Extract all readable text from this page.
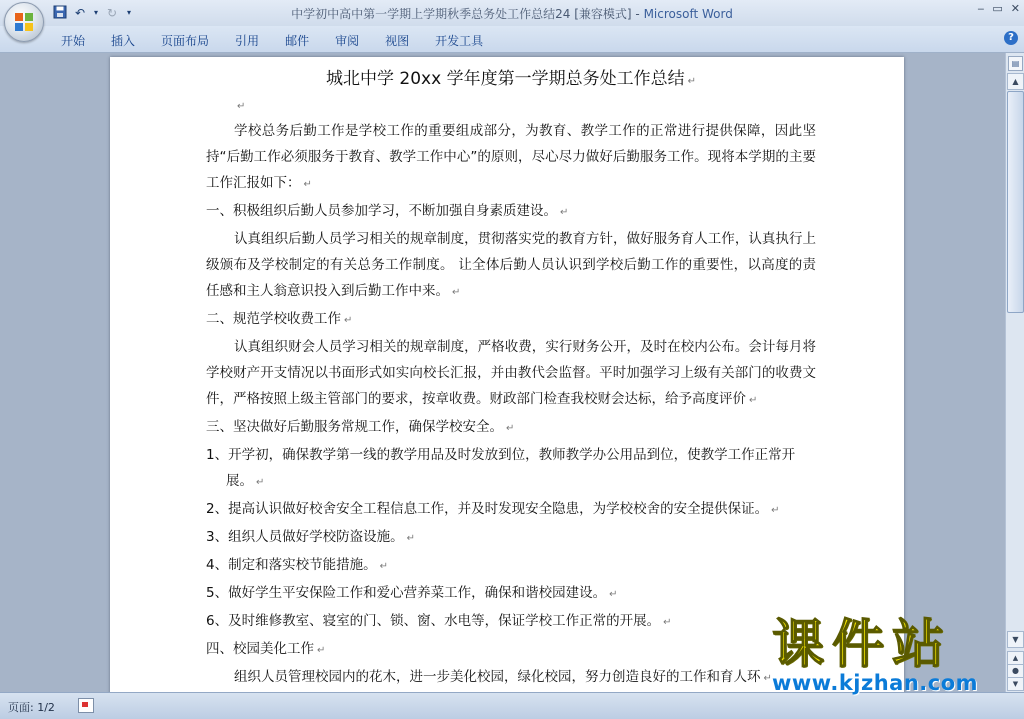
↶	▾ ↻	▾	中学初中高中第一学期上学期秋季总务处工作总结24 [兼容模式] - Microsoft Word	‒ ▭ ✕
开始	插入	页面布局	引用	邮件	审阅	视图	开发工具	?
城北中学 20xx 学年度第一学期总务处工作总结 ↵
↵
学校总务后勤工作是学校工作的重要组成部分，为教育、教学工作的正常进行提供保障，因此坚持“后勤工作必须服务于教育、教学工作中心”的原则，尽心尽力做好后勤服务工作。现将本学期的主要工作汇报如下： ↵
一、积极组织后勤人员参加学习，不断加强自身素质建设。 ↵
认真组织后勤人员学习相关的规章制度，贯彻落实党的教育方针，做好服务育人工作，认真执行上级颁布及学校制定的有关总务工作制度。 让全体后勤人员认识到学校后勤工作的重要性，以高度的责任感和主人翁意识投入到后勤工作中来。 ↵
二、规范学校收费工作 ↵
认真组织财会人员学习相关的规章制度，严格收费，实行财务公开，及时在校内公布。会计每月将学校财产开支情况以书面形式如实向校长汇报，并由教代会监督。平时加强学习上级有关部门的收费文件，严格按照上级主管部门的要求，按章收费。财政部门检查我校财会达标，给予高度评价 ↵
三、坚决做好后勤服务常规工作，确保学校安全。 ↵
1、开学初，确保教学第一线的教学用品及时发放到位，教师教学办公用品到位，使教学工作正常开展。 ↵
2、提高认识做好校舍安全工程信息工作，并及时发现安全隐患，为学校校舍的安全提供保证。 ↵
3、组织人员做好学校防盗设施。 ↵
4、制定和落实校节能措施。 ↵
5、做好学生平安保险工作和爱心营养菜工作，确保和谐校园建设。 ↵
6、及时维修教室、寝室的门、锁、窗、水电等，保证学校工作正常的开展。 ↵
四、校园美化工作 ↵
组织人员管理校园内的花木，进一步美化校园，绿化校园，努力创造良好的工作和育人环 ↵
▤
▲
▼
▲
●
▼
页面: 1/2
课件站
www.kjzhan.com
